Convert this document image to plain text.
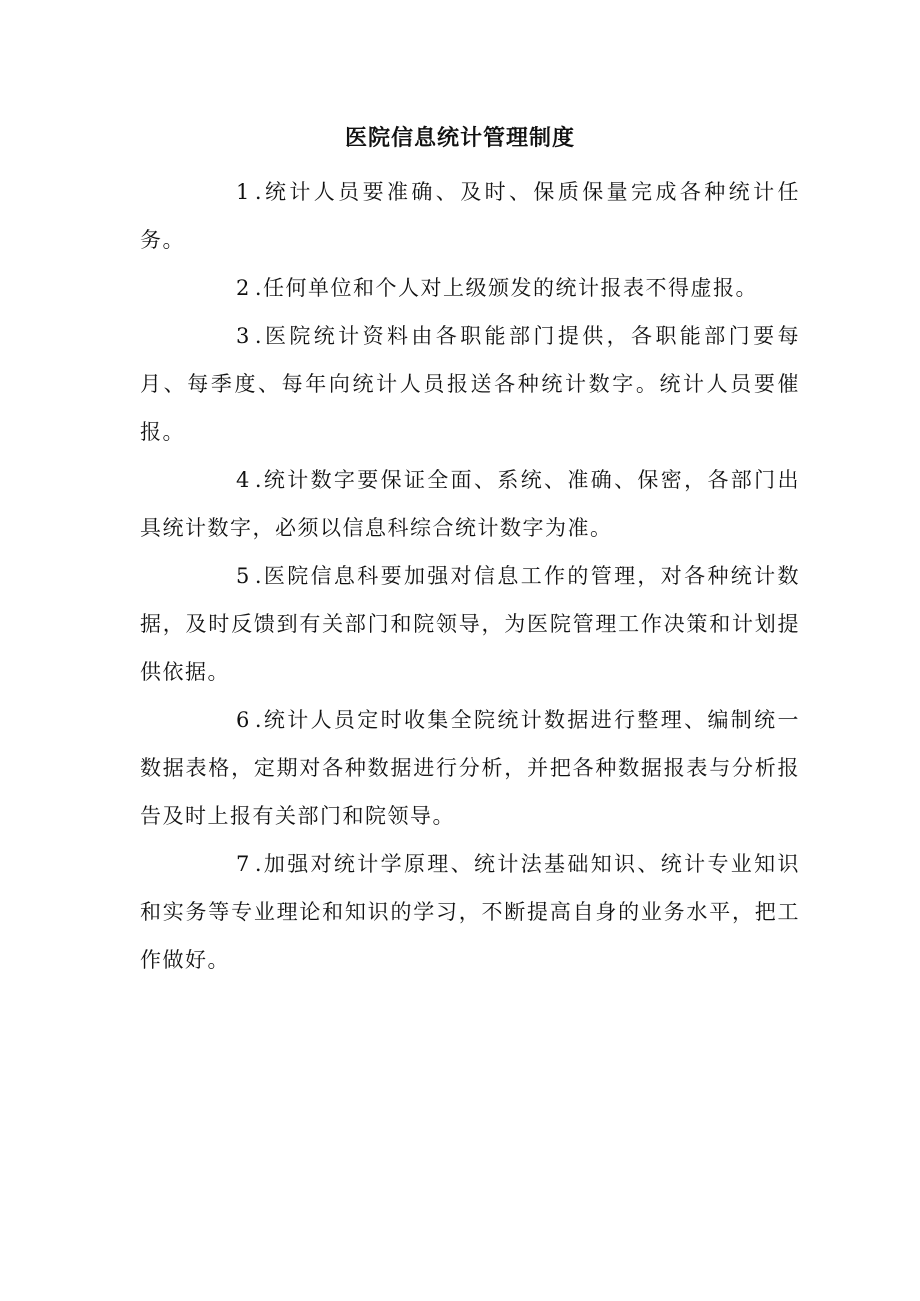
医院信息统计管理制度

1 .统计人员要准确、及时、保质保量完成各种统计任务。

2 .任何单位和个人对上级颁发的统计报表不得虚报。

3 .医院统计资料由各职能部门提供，各职能部门要每月、每季度、每年向统计人员报送各种统计数字。统计人员要催报。

4 .统计数字要保证全面、系统、准确、保密，各部门出具统计数字，必须以信息科综合统计数字为准。

5 .医院信息科要加强对信息工作的管理，对各种统计数据，及时反馈到有关部门和院领导，为医院管理工作决策和计划提供依据。

6 .统计人员定时收集全院统计数据进行整理、编制统一数据表格，定期对各种数据进行分析，并把各种数据报表与分析报告及时上报有关部门和院领导。

7 .加强对统计学原理、统计法基础知识、统计专业知识和实务等专业理论和知识的学习，不断提高自身的业务水平，把工作做好。
